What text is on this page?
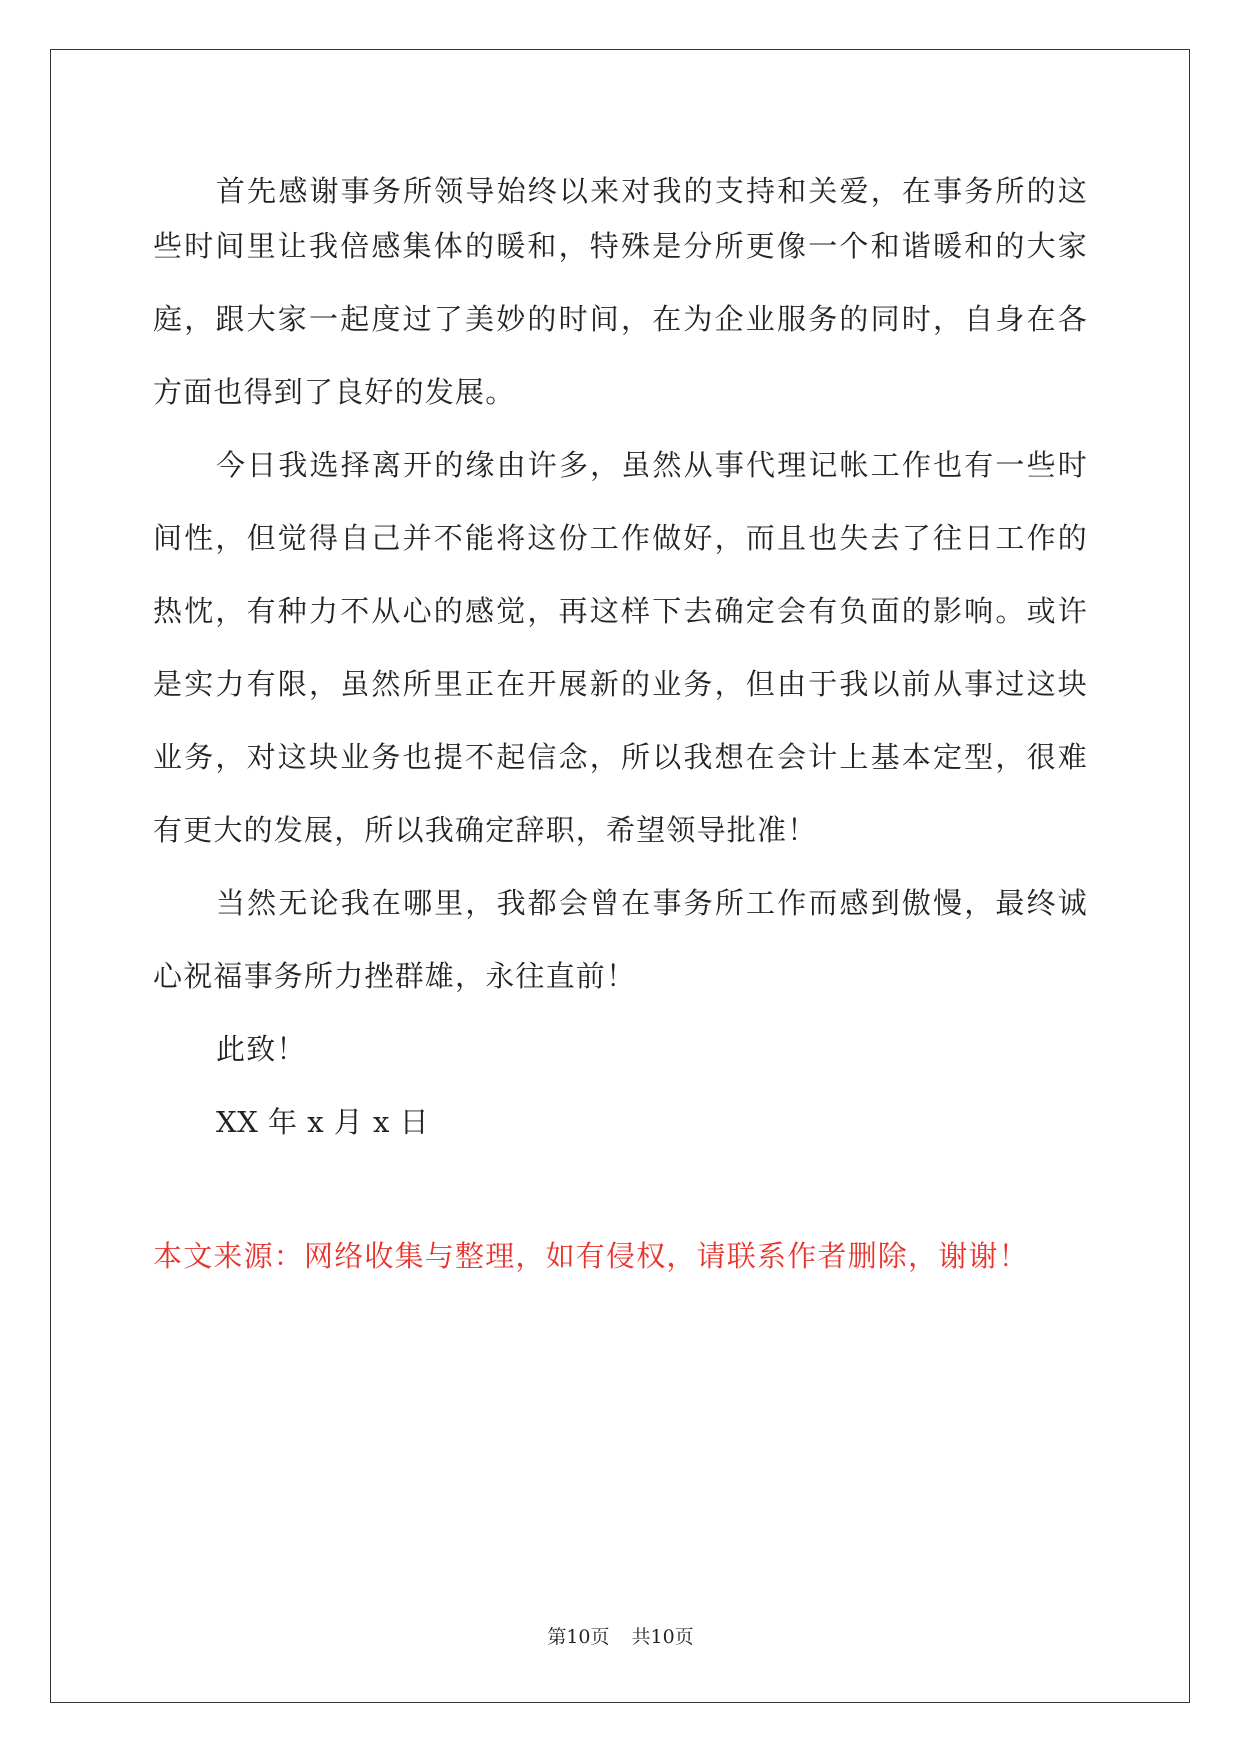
首先感谢事务所领导始终以来对我的支持和关爱，在事务所的这
些时间里让我倍感集体的暖和，特殊是分所更像一个和谐暖和的大家
庭，跟大家一起度过了美妙的时间，在为企业服务的同时，自身在各
方面也得到了良好的发展。
今日我选择离开的缘由许多，虽然从事代理记帐工作也有一些时
间性，但觉得自己并不能将这份工作做好，而且也失去了往日工作的
热忱，有种力不从心的感觉，再这样下去确定会有负面的影响。或许
是实力有限，虽然所里正在开展新的业务，但由于我以前从事过这块
业务，对这块业务也提不起信念，所以我想在会计上基本定型，很难
有更大的发展，所以我确定辞职，希望领导批准！
当然无论我在哪里，我都会曾在事务所工作而感到傲慢，最终诚
心祝福事务所力挫群雄，永往直前！
此致！
XX 年 x 月 x 日
本文来源：网络收集与整理，如有侵权，请联系作者删除，谢谢！
第10页 共10页
